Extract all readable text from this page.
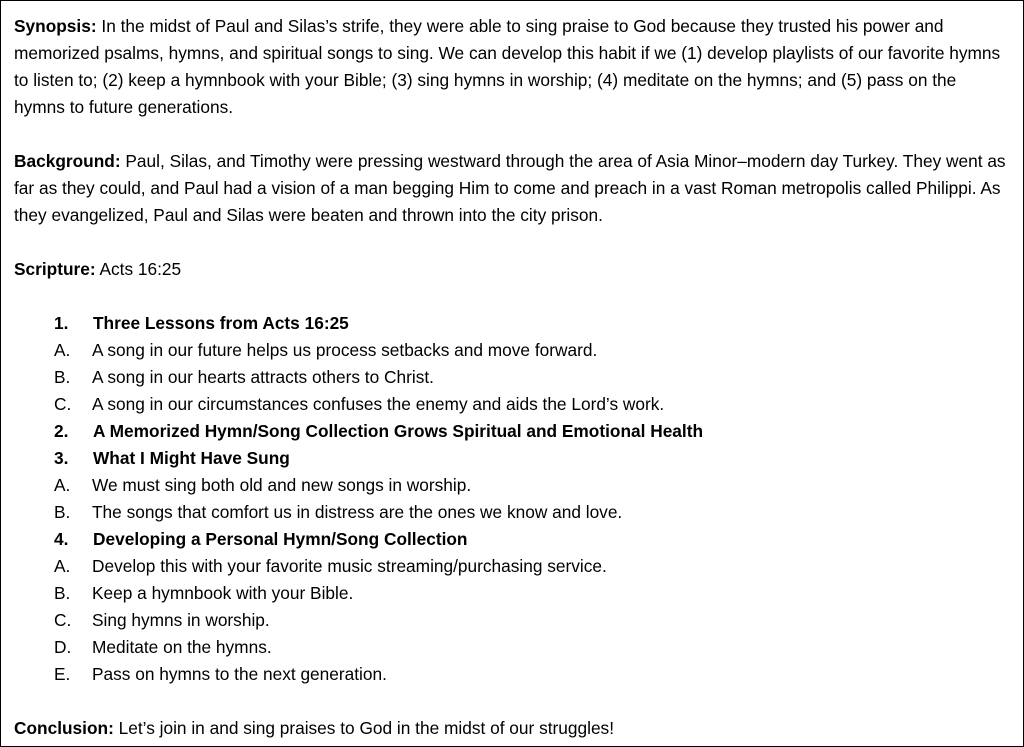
Synopsis: In the midst of Paul and Silas’s strife, they were able to sing praise to God because they trusted his power and memorized psalms, hymns, and spiritual songs to sing. We can develop this habit if we (1) develop playlists of our favorite hymns to listen to; (2) keep a hymnbook with your Bible; (3) sing hymns in worship; (4) meditate on the hymns; and (5) pass on the hymns to future generations.

Background: Paul, Silas, and Timothy were pressing westward through the area of Asia Minor–modern day Turkey. They went as far as they could, and Paul had a vision of a man begging Him to come and preach in a vast Roman metropolis called Philippi. As they evangelized, Paul and Silas were beaten and thrown into the city prison.

Scripture: Acts 16:25

1. Three Lessons from Acts 16:25
A. A song in our future helps us process setbacks and move forward.
B. A song in our hearts attracts others to Christ.
C. A song in our circumstances confuses the enemy and aids the Lord’s work.
2. A Memorized Hymn/Song Collection Grows Spiritual and Emotional Health
3. What I Might Have Sung
A. We must sing both old and new songs in worship.
B. The songs that comfort us in distress are the ones we know and love.
4. Developing a Personal Hymn/Song Collection
A. Develop this with your favorite music streaming/purchasing service.
B. Keep a hymnbook with your Bible.
C. Sing hymns in worship.
D. Meditate on the hymns.
E. Pass on hymns to the next generation.

Conclusion: Let’s join in and sing praises to God in the midst of our struggles!
